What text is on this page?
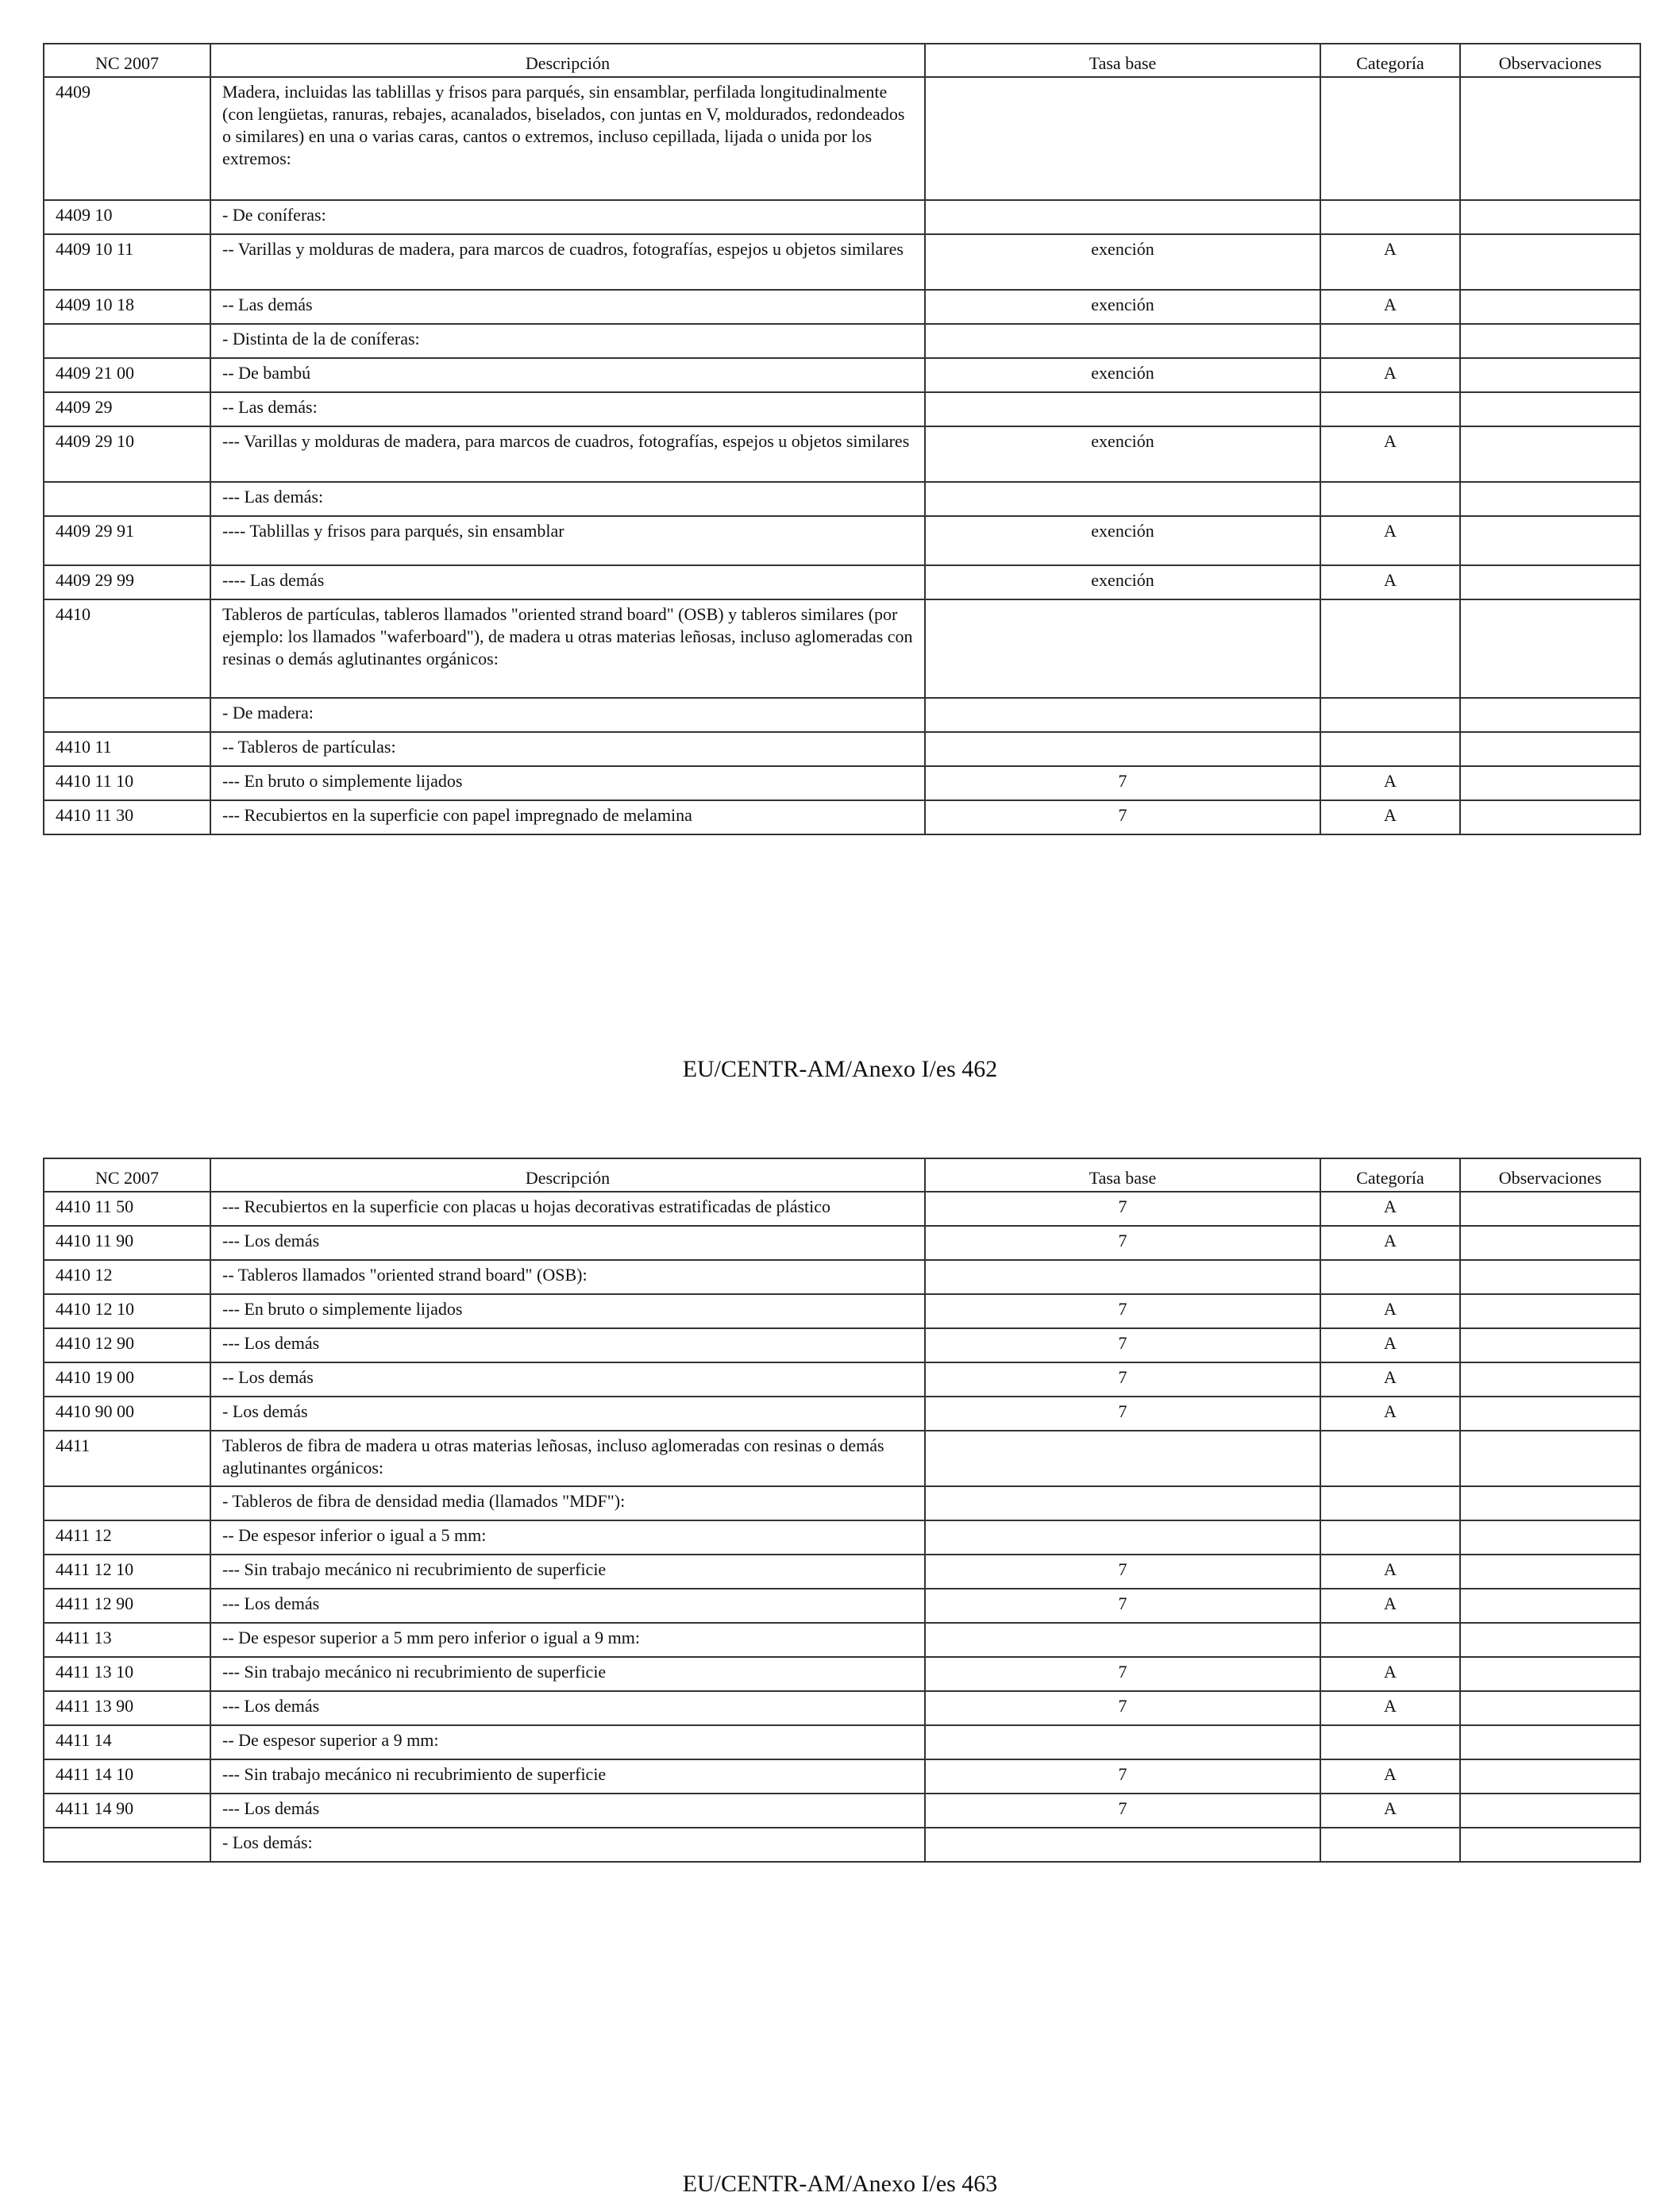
NC 2007	Descripción	Tasa base	Categoría	Observaciones
4409	Madera, incluidas las tablillas y frisos para parqués, sin ensamblar, perfilada longitudinalmente (con lengüetas, ranuras, rebajes, acanalados, biselados, con juntas en V, moldurados, redondeados o similares) en una o varias caras, cantos o extremos, incluso cepillada, lijada o unida por los extremos:			
4409 10	- De coníferas:			
4409 10 11	-- Varillas y molduras de madera, para marcos de cuadros, fotografías, espejos u objetos similares	exención	A	
4409 10 18	-- Las demás	exención	A	
	- Distinta de la de coníferas:			
4409 21 00	-- De bambú	exención	A	
4409 29	-- Las demás:			
4409 29 10	--- Varillas y molduras de madera, para marcos de cuadros, fotografías, espejos u objetos similares	exención	A	
	--- Las demás:			
4409 29 91	---- Tablillas y frisos para parqués, sin ensamblar	exención	A	
4409 29 99	---- Las demás	exención	A	
4410	Tableros de partículas, tableros llamados "oriented strand board" (OSB) y tableros similares (por ejemplo: los llamados "waferboard"), de madera u otras materias leñosas, incluso aglomeradas con resinas o demás aglutinantes orgánicos:			
	- De madera:			
4410 11	-- Tableros de partículas:			
4410 11 10	--- En bruto o simplemente lijados	7	A	
4410 11 30	--- Recubiertos en la superficie con papel impregnado de melamina	7	A	
EU/CENTR-AM/Anexo I/es 462
NC 2007	Descripción	Tasa base	Categoría	Observaciones
4410 11 50	--- Recubiertos en la superficie con placas u hojas decorativas estratificadas de plástico	7	A	
4410 11 90	--- Los demás	7	A	
4410 12	-- Tableros llamados "oriented strand board" (OSB):			
4410 12 10	--- En bruto o simplemente lijados	7	A	
4410 12 90	--- Los demás	7	A	
4410 19 00	-- Los demás	7	A	
4410 90 00	- Los demás	7	A	
4411	Tableros de fibra de madera u otras materias leñosas, incluso aglomeradas con resinas o demás aglutinantes orgánicos:			
	- Tableros de fibra de densidad media (llamados "MDF"):			
4411 12	-- De espesor inferior o igual a 5 mm:			
4411 12 10	--- Sin trabajo mecánico ni recubrimiento de superficie	7	A	
4411 12 90	--- Los demás	7	A	
4411 13	-- De espesor superior a 5 mm pero inferior o igual a 9 mm:			
4411 13 10	--- Sin trabajo mecánico ni recubrimiento de superficie	7	A	
4411 13 90	--- Los demás	7	A	
4411 14	-- De espesor superior a 9 mm:			
4411 14 10	--- Sin trabajo mecánico ni recubrimiento de superficie	7	A	
4411 14 90	--- Los demás	7	A	
	- Los demás:			
EU/CENTR-AM/Anexo I/es 463
